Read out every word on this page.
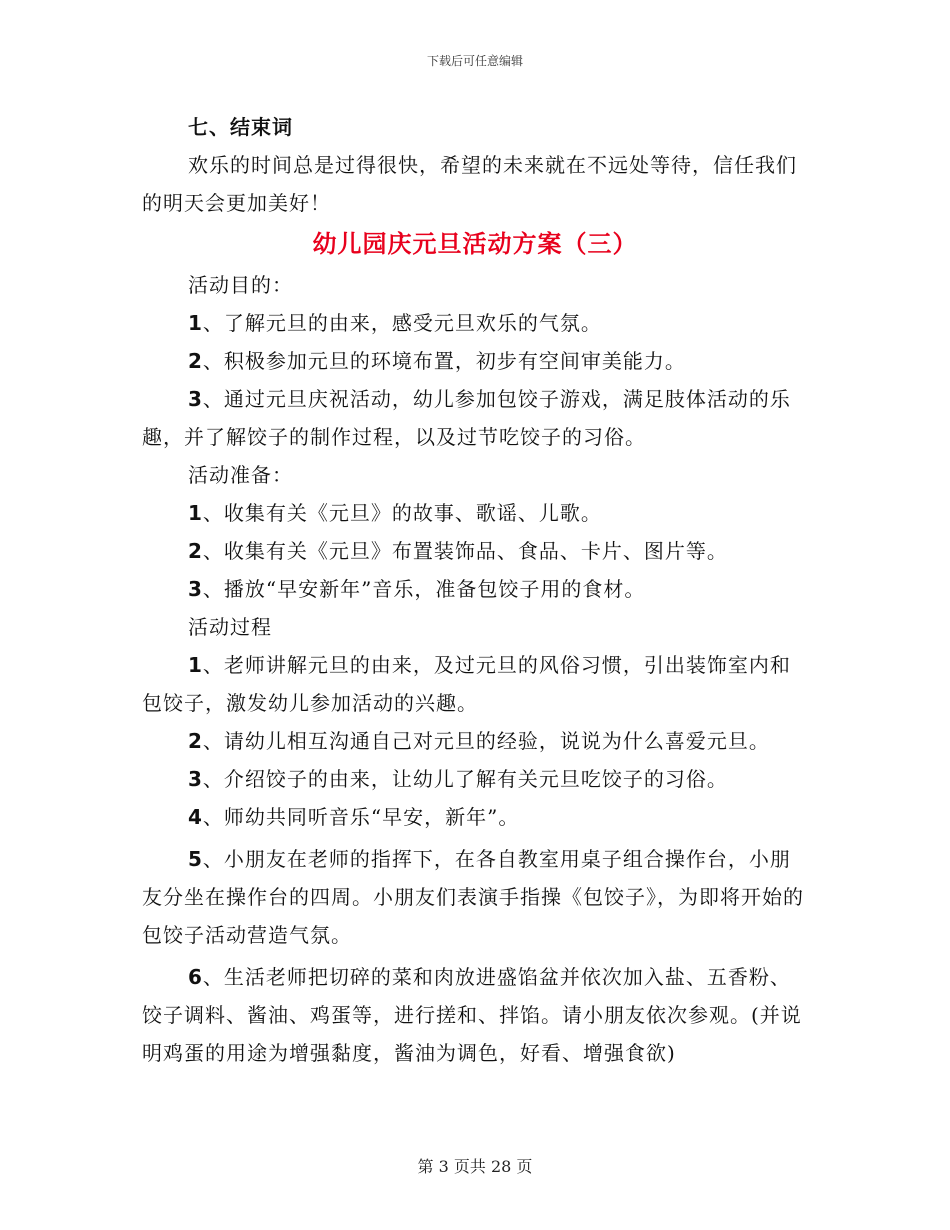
下载后可任意编辑

七、结束词

欢乐的时间总是过得很快，希望的未来就在不远处等待，信任我们的明天会更加美好！

幼儿园庆元旦活动方案（三）

活动目的：

1、了解元旦的由来，感受元旦欢乐的气氛。

2、积极参加元旦的环境布置，初步有空间审美能力。

3、通过元旦庆祝活动，幼儿参加包饺子游戏，满足肢体活动的乐趣，并了解饺子的制作过程，以及过节吃饺子的习俗。

活动准备：

1、收集有关《元旦》的故事、歌谣、儿歌。

2、收集有关《元旦》布置装饰品、食品、卡片、图片等。

3、播放“早安新年”音乐，准备包饺子用的食材。

活动过程

1、老师讲解元旦的由来，及过元旦的风俗习惯，引出装饰室内和包饺子，激发幼儿参加活动的兴趣。

2、请幼儿相互沟通自己对元旦的经验，说说为什么喜爱元旦。

3、介绍饺子的由来，让幼儿了解有关元旦吃饺子的习俗。

4、师幼共同听音乐“早安，新年”。

5、小朋友在老师的指挥下，在各自教室用桌子组合操作台，小朋友分坐在操作台的四周。小朋友们表演手指操《包饺子》，为即将开始的包饺子活动营造气氛。

6、生活老师把切碎的菜和肉放进盛馅盆并依次加入盐、五香粉、饺子调料、酱油、鸡蛋等，进行搓和、拌馅。请小朋友依次参观。(并说明鸡蛋的用途为增强黏度，酱油为调色，好看、增强食欲)

第 3 页共 28 页
